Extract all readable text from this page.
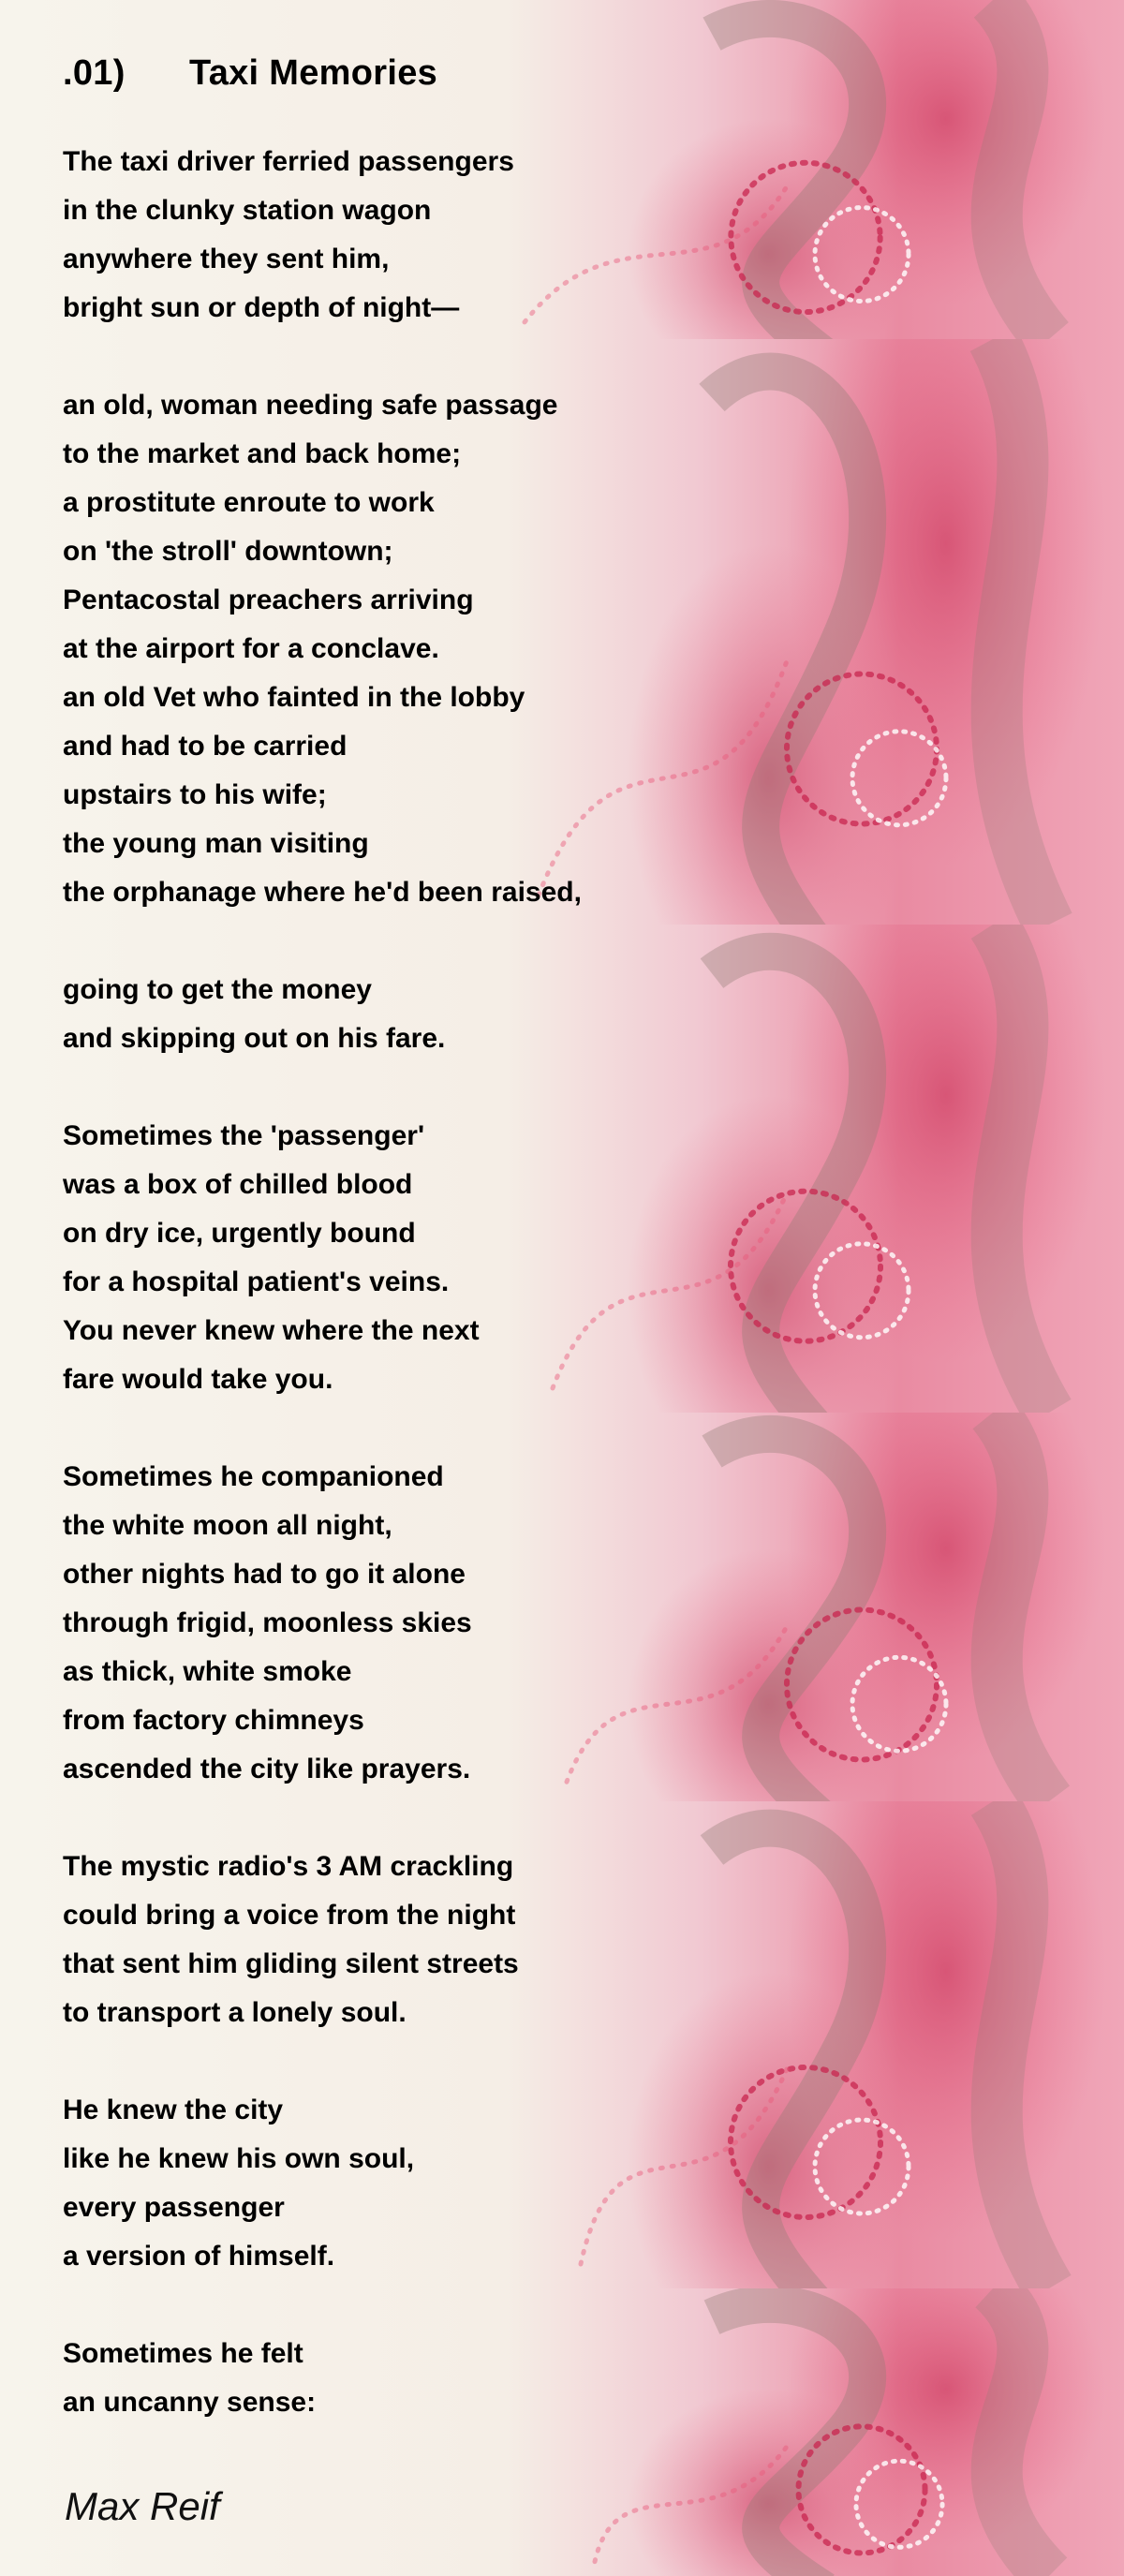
.01) Taxi Memories
The taxi driver ferried passengers
in the clunky station wagon
anywhere they sent him,
bright sun or depth of night—
an old, woman needing safe passage
to the market and back home;
a prostitute enroute to work
on 'the stroll' downtown;
Pentacostal preachers arriving
at the airport for a conclave.
an old Vet who fainted in the lobby
and had to be carried
upstairs to his wife;
the young man visiting
the orphanage where he'd been raised,
going to get the money
and skipping out on his fare.
Sometimes the 'passenger'
was a box of chilled blood
on dry ice, urgently bound
for a hospital patient's veins.
You never knew where the next
fare would take you.
Sometimes he companioned
the white moon all night,
other nights had to go it alone
through frigid, moonless skies
as thick, white smoke
from factory chimneys
ascended the city like prayers.
The mystic radio's 3 AM crackling
could bring a voice from the night
that sent him gliding silent streets
to transport a lonely soul.
He knew the city
like he knew his own soul,
every passenger
a version of himself.
Sometimes he felt
an uncanny sense:
Max Reif
